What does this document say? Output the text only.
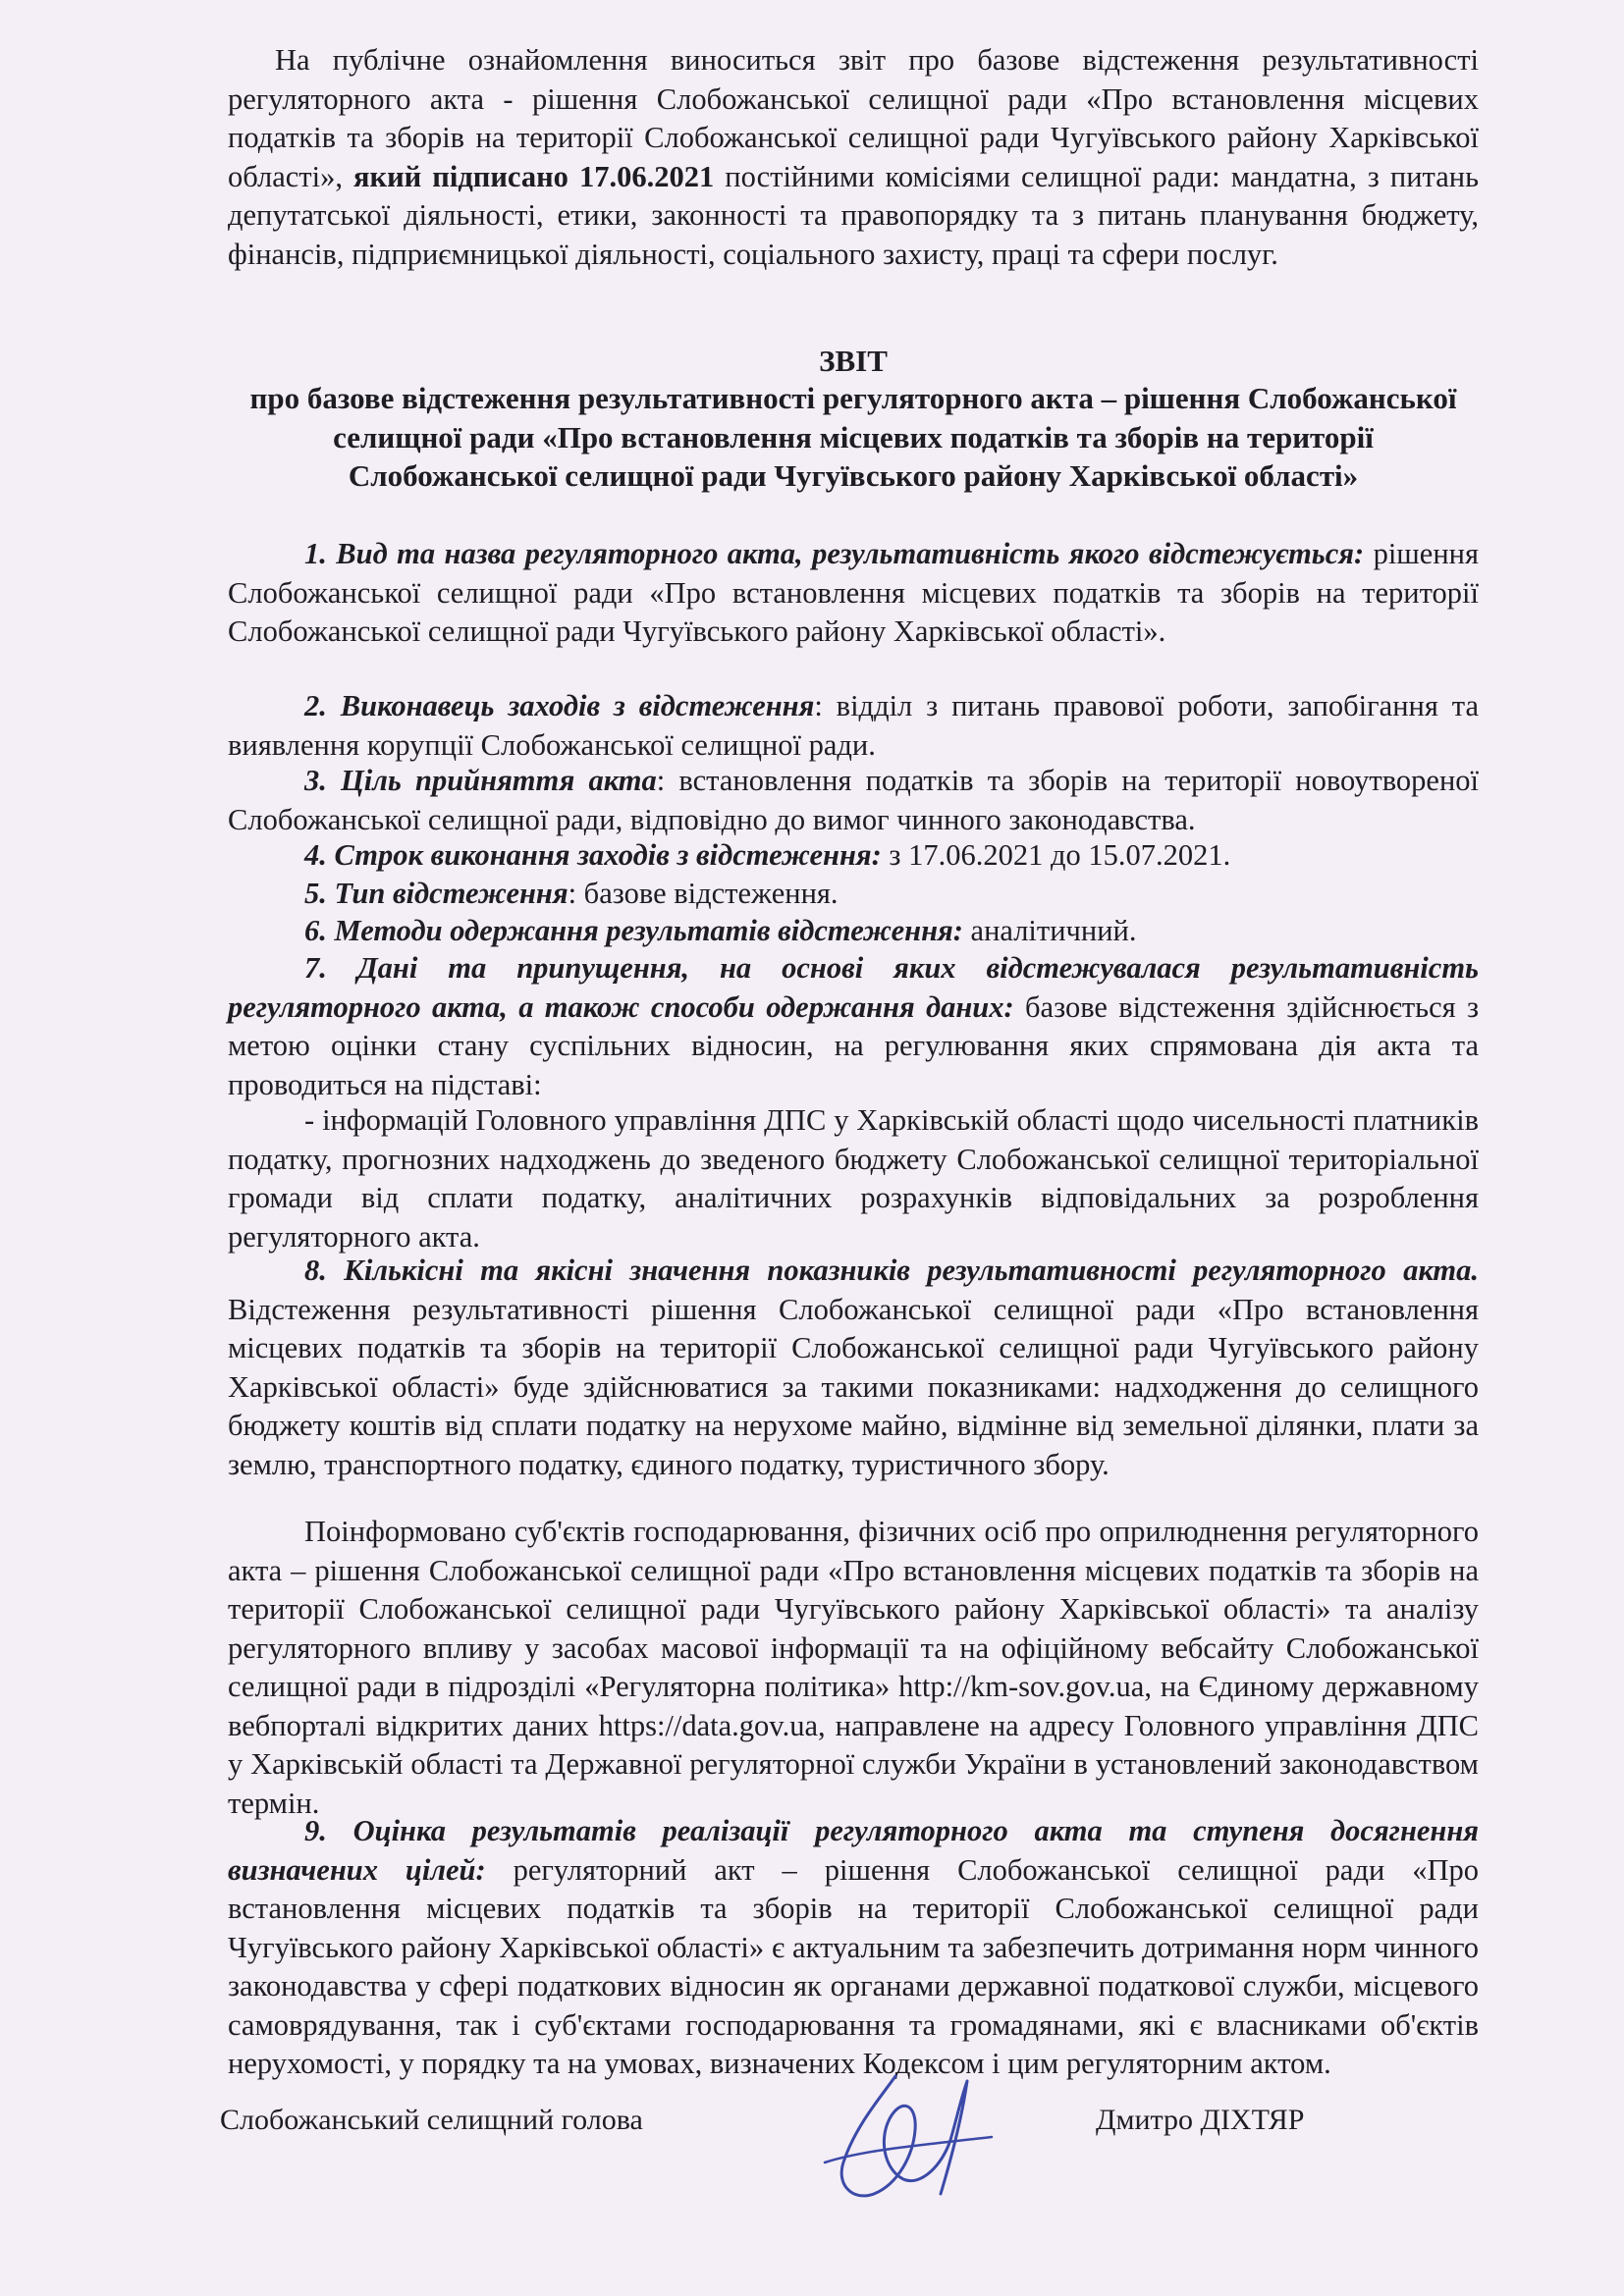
На публічне ознайомлення виноситься звіт про базове відстеження результативності регуляторного акта - рішення Слобожанської селищної ради «Про встановлення місцевих податків та зборів на території Слобожанської селищної ради Чугуївського району Харківської області», який підписано 17.06.2021 постійними комісіями селищної ради: мандатна, з питань депутатської діяльності, етики, законності та правопорядку та з питань планування бюджету, фінансів, підприємницької діяльності, соціального захисту, праці та сфери послуг.

ЗВІТ

про базове відстеження результативності регуляторного акта – рішення Слобожанської селищної ради «Про встановлення місцевих податків та зборів на території Слобожанської селищної ради Чугуївського району Харківської області»

1. Вид та назва регуляторного акта, результативність якого відстежується: рішення Слобожанської селищної ради «Про встановлення місцевих податків та зборів на території Слобожанської селищної ради Чугуївського району Харківської області».

2. Виконавець заходів з відстеження: відділ з питань правової роботи, запобігання та виявлення корупції Слобожанської селищної ради.

3. Ціль прийняття акта: встановлення податків та зборів на території новоутвореної Слобожанської селищної ради, відповідно до вимог чинного законодавства.

4. Строк виконання заходів з відстеження: з 17.06.2021 до 15.07.2021.

5. Тип відстеження: базове відстеження.

6. Методи одержання результатів відстеження: аналітичний.

7. Дані та припущення, на основі яких відстежувалася результативність регуляторного акта, а також способи одержання даних: базове відстеження здійснюється з метою оцінки стану суспільних відносин, на регулювання яких спрямована дія акта та проводиться на підставі:

- інформацій Головного управління ДПС у Харківській області щодо чисельності платників податку, прогнозних надходжень до зведеного бюджету Слобожанської селищної територіальної громади від сплати податку, аналітичних розрахунків відповідальних за розроблення регуляторного акта.

8. Кількісні та якісні значення показників результативності регуляторного акта. Відстеження результативності рішення Слобожанської селищної ради «Про встановлення місцевих податків та зборів на території Слобожанської селищної ради Чугуївського району Харківської області» буде здійснюватися за такими показниками: надходження до селищного бюджету коштів від сплати податку на нерухоме майно, відмінне від земельної ділянки, плати за землю, транспортного податку, єдиного податку, туристичного збору.

Поінформовано суб'єктів господарювання, фізичних осіб про оприлюднення регуляторного акта – рішення Слобожанської селищної ради «Про встановлення місцевих податків та зборів на території Слобожанської селищної ради Чугуївського району Харківської області» та аналізу регуляторного впливу у засобах масової інформації та на офіційному вебсайту Слобожанської селищної ради в підрозділі «Регуляторна політика» http://km-sov.gov.ua, на Єдиному державному вебпорталі відкритих даних https://data.gov.ua, направлене на адресу Головного управління ДПС у Харківській області та Державної регуляторної служби України в установлений законодавством термін.

9. Оцінка результатів реалізації регуляторного акта та ступеня досягнення визначених цілей: регуляторний акт – рішення Слобожанської селищної ради «Про встановлення місцевих податків та зборів на території Слобожанської селищної ради Чугуївського району Харківської області» є актуальним та забезпечить дотримання норм чинного законодавства у сфері податкових відносин як органами державної податкової служби, місцевого самоврядування, так і суб'єктами господарювання та громадянами, які є власниками об'єктів нерухомості, у порядку та на умовах, визначених Кодексом і цим регуляторним актом.

Слобожанський селищний голова	Дмитро ДІХТЯР
